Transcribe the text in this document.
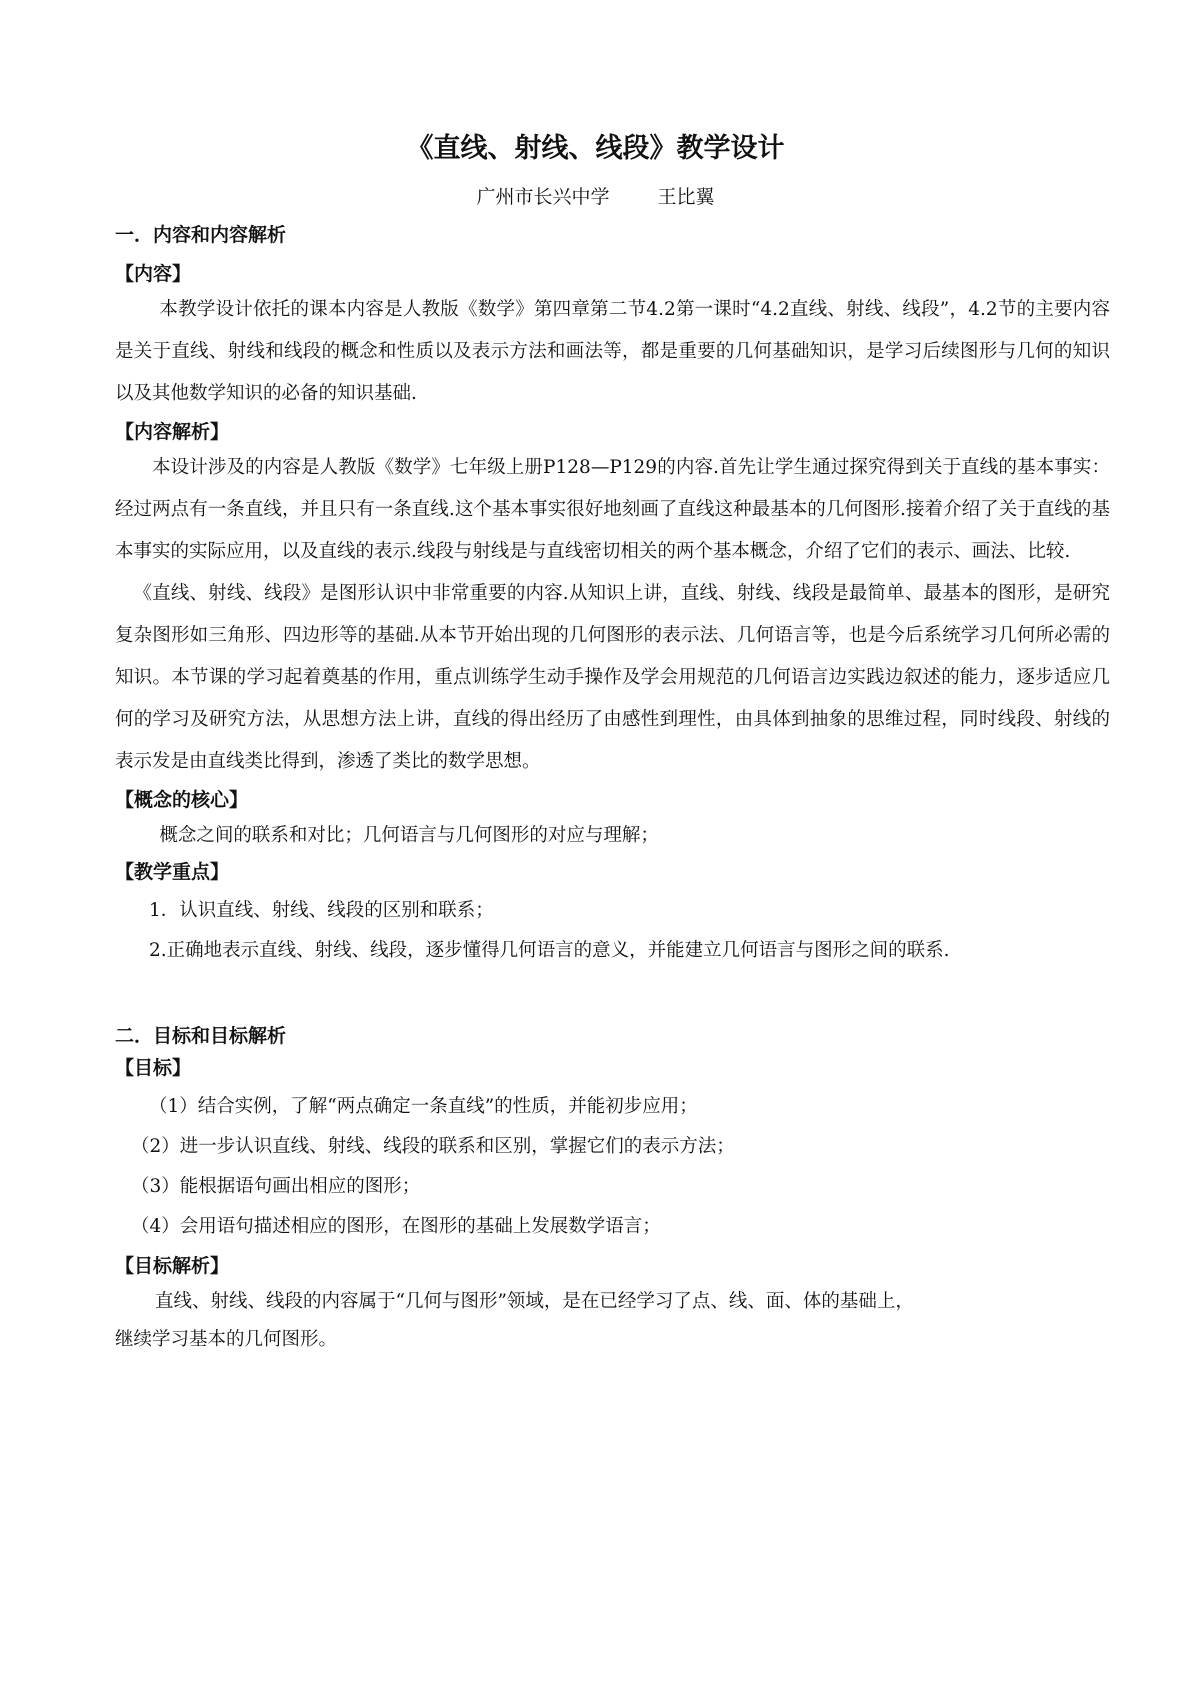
《直线、射线、线段》教学设计
广州市长兴中学	王比翼
一．内容和内容解析
【内容】

本教学设计依托的课本内容是人教版《数学》第四章第二节4.2第一课时“4.2直线、射线、线段”，4.2节的主要内容是关于直线、射线和线段的概念和性质以及表示方法和画法等，都是重要的几何基础知识，是学习后续图形与几何的知识以及其他数学知识的必备的知识基础.

【内容解析】

本设计涉及的内容是人教版《数学》七年级上册P128—P129的内容.首先让学生通过探究得到关于直线的基本事实：经过两点有一条直线，并且只有一条直线.这个基本事实很好地刻画了直线这种最基本的几何图形.接着介绍了关于直线的基本事实的实际应用，以及直线的表示.线段与射线是与直线密切相关的两个基本概念，介绍了它们的表示、画法、比较.

《直线、射线、线段》是图形认识中非常重要的内容.从知识上讲，直线、射线、线段是最简单、最基本的图形，是研究复杂图形如三角形、四边形等的基础.从本节开始出现的几何图形的表示法、几何语言等，也是今后系统学习几何所必需的知识。本节课的学习起着奠基的作用，重点训练学生动手操作及学会用规范的几何语言边实践边叙述的能力，逐步适应几何的学习及研究方法，从思想方法上讲，直线的得出经历了由感性到理性，由具体到抽象的思维过程，同时线段、射线的表示发是由直线类比得到，渗透了类比的数学思想。

【概念的核心】

概念之间的联系和对比；几何语言与几何图形的对应与理解；

【教学重点】

1．认识直线、射线、线段的区别和联系；

2.正确地表示直线、射线、线段，逐步懂得几何语言的意义，并能建立几何语言与图形之间的联系.

二．目标和目标解析
【目标】

（1）结合实例，了解“两点确定一条直线”的性质，并能初步应用；

（2）进一步认识直线、射线、线段的联系和区别，掌握它们的表示方法；

（3）能根据语句画出相应的图形；

（4）会用语句描述相应的图形，在图形的基础上发展数学语言；

【目标解析】

直线、射线、线段的内容属于“几何与图形”领域，是在已经学习了点、线、面、体的基础上，

继续学习基本的几何图形。
